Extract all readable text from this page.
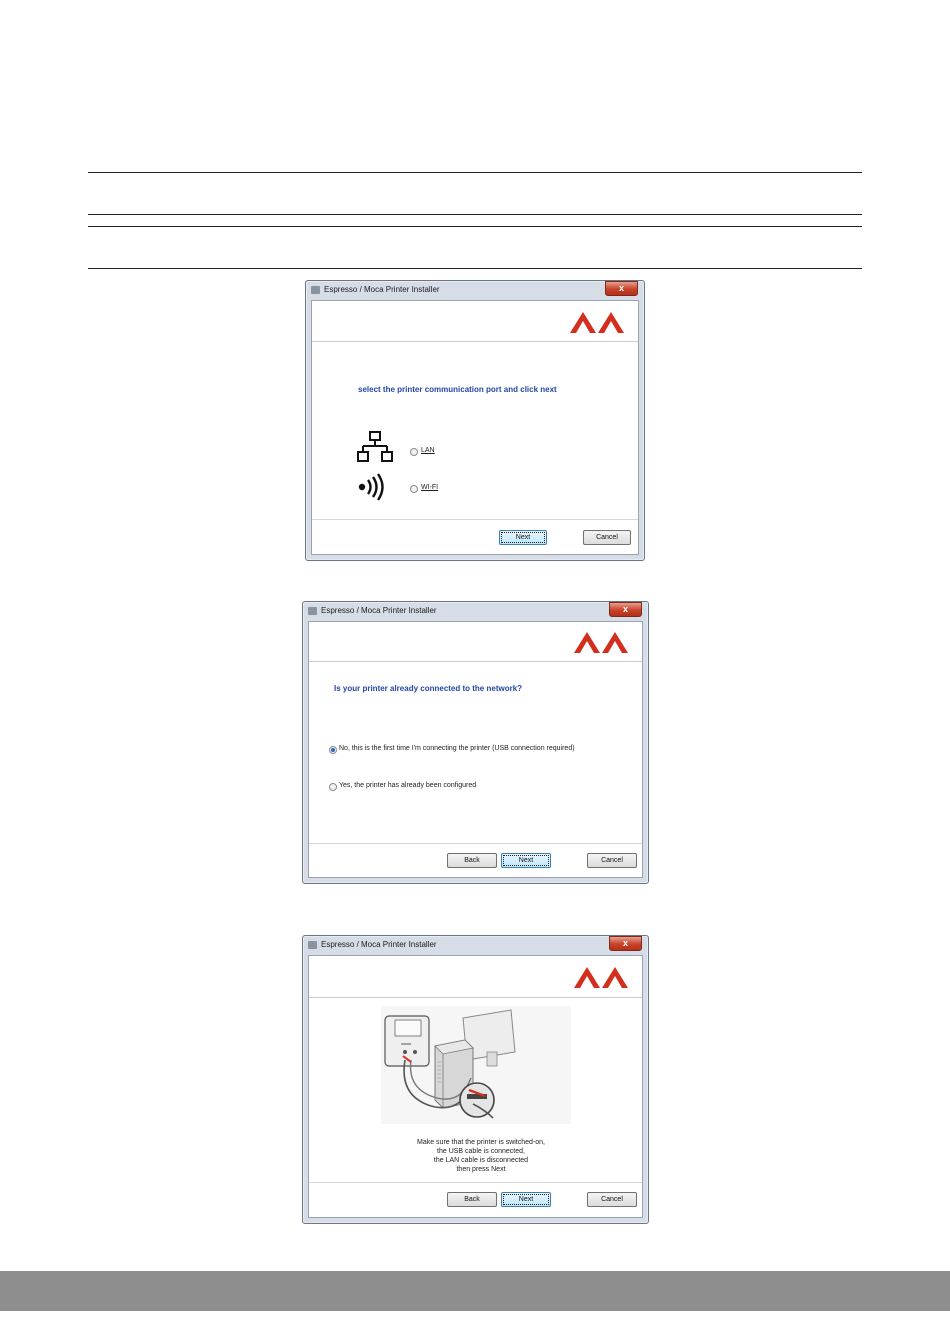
Espresso / Moca Printer Installer	x
select the printer communication port and click next
LAN
WI-FI
Next	Cancel
Espresso / Moca Printer Installer	x
Is your printer already connected to the network?
No, this is the first time I'm connecting the printer (USB connection required)
Yes, the printer has already been configured
Back	Next	Cancel
Espresso / Moca Printer Installer	x
Make sure that the printer is switched-on,
the USB cable is connected,
the LAN cable is disconnected
then press Next
Back	Next	Cancel
